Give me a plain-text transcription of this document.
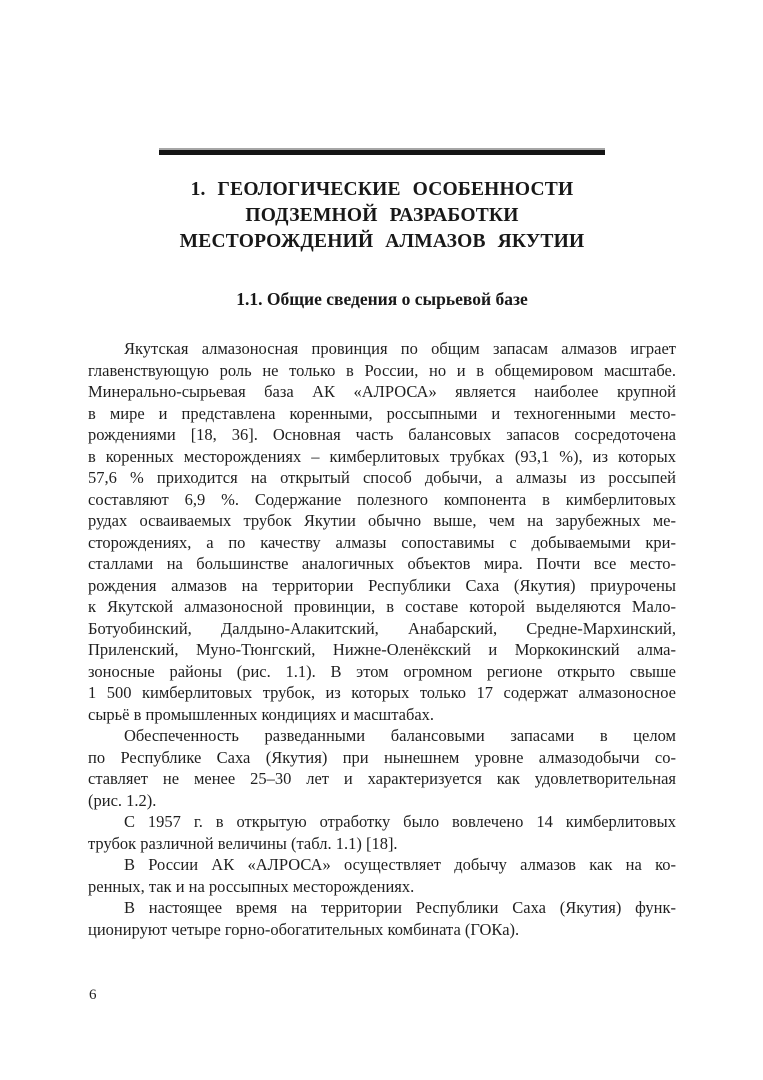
1. ГЕОЛОГИЧЕСКИЕ ОСОБЕННОСТИ
ПОДЗЕМНОЙ РАЗРАБОТКИ
МЕСТОРОЖДЕНИЙ АЛМАЗОВ ЯКУТИИ
1.1. Общие сведения о сырьевой базе
Якутская алмазоносная провинция по общим запасам алмазов играет
главенствующую роль не только в России, но и в общемировом масштабе.
Минерально-сырьевая база АК «АЛРОСА» является наиболее крупной
в мире и представлена коренными, россыпными и техногенными место-
рождениями [18, 36]. Основная часть балансовых запасов сосредоточена
в коренных месторождениях – кимберлитовых трубках (93,1 %), из которых
57,6 % приходится на открытый способ добычи, а алмазы из россыпей
составляют 6,9 %. Содержание полезного компонента в кимберлитовых
рудах осваиваемых трубок Якутии обычно выше, чем на зарубежных ме-
сторождениях, а по качеству алмазы сопоставимы с добываемыми кри-
сталлами на большинстве аналогичных объектов мира. Почти все место-
рождения алмазов на территории Республики Саха (Якутия) приурочены
к Якутской алмазоносной провинции, в составе которой выделяются Мало-
Ботуобинский, Далдыно-Алакитский, Анабарский, Средне-Мархинский,
Приленский, Муно-Тюнгский, Нижне-Оленёкский и Моркокинский алма-
зоносные районы (рис. 1.1). В этом огромном регионе открыто свыше
1 500 кимберлитовых трубок, из которых только 17 содержат алмазоносное
сырьё в промышленных кондициях и масштабах.
Обеспеченность разведанными балансовыми запасами в целом
по Республике Саха (Якутия) при нынешнем уровне алмазодобычи со-
ставляет не менее 25–30 лет и характеризуется как удовлетворительная
(рис. 1.2).
С 1957 г. в открытую отработку было вовлечено 14 кимберлитовых
трубок различной величины (табл. 1.1) [18].
В России АК «АЛРОСА» осуществляет добычу алмазов как на ко-
ренных, так и на россыпных месторождениях.
В настоящее время на территории Республики Саха (Якутия) функ-
ционируют четыре горно-обогатительных комбината (ГОКа).
6
